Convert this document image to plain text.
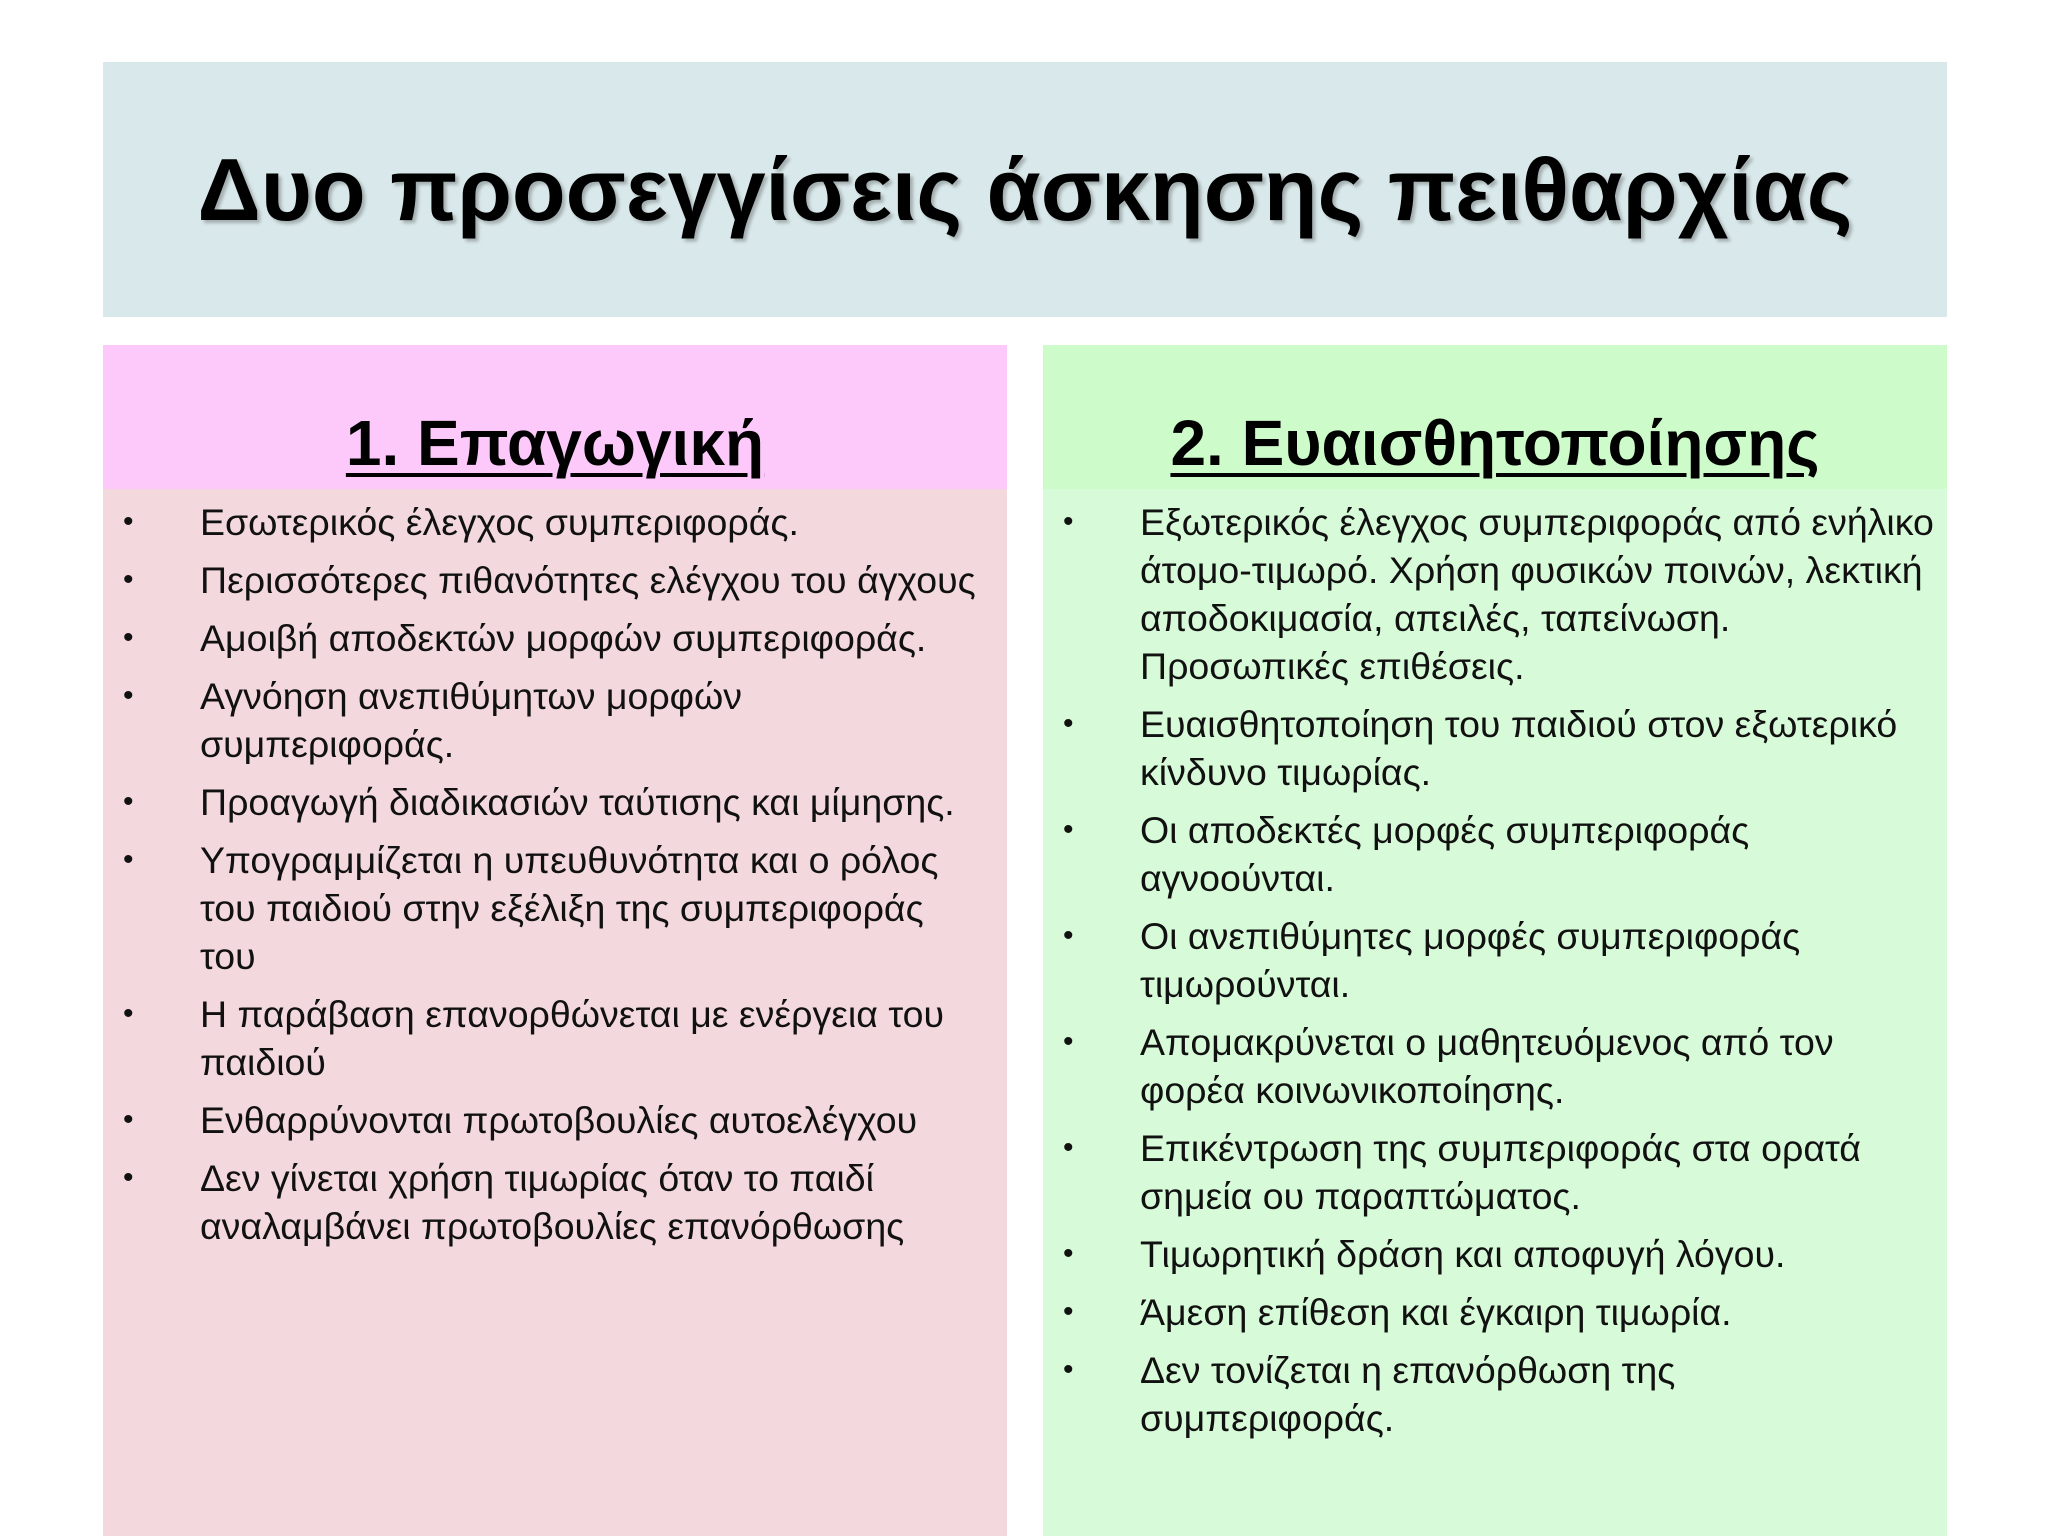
Δυο προσεγγίσεις άσκησης πειθαρχίας
1. Επαγωγική
• Εσωτερικός έλεγχος συμπεριφοράς.
• Περισσότερες πιθανότητες ελέγχου του άγχους
• Αμοιβή αποδεκτών μορφών συμπεριφοράς.
• Αγνόηση ανεπιθύμητων μορφών συμπεριφοράς.
• Προαγωγή διαδικασιών ταύτισης και μίμησης.
• Υπογραμμίζεται η υπευθυνότητα και ο ρόλος του παιδιού στην εξέλιξη της συμπεριφοράς του
• Η παράβαση επανορθώνεται με ενέργεια του παιδιού
• Ενθαρρύνονται πρωτοβουλίες αυτοελέγχου
• Δεν γίνεται χρήση τιμωρίας όταν το παιδί αναλαμβάνει πρωτοβουλίες επανόρθωσης
2. Ευαισθητοποίησης
• Εξωτερικός έλεγχος συμπεριφοράς από ενήλικο άτομο-τιμωρό. Χρήση φυσικών ποινών, λεκτική αποδοκιμασία, απειλές, ταπείνωση. Προσωπικές επιθέσεις.
• Ευαισθητοποίηση του παιδιού στον εξωτερικό κίνδυνο τιμωρίας.
• Οι αποδεκτές μορφές συμπεριφοράς αγνοούνται.
• Οι ανεπιθύμητες μορφές συμπεριφοράς τιμωρούνται.
• Απομακρύνεται ο μαθητευόμενος από τον φορέα κοινωνικοποίησης.
• Επικέντρωση της συμπεριφοράς στα ορατά σημεία ου παραπτώματος.
• Τιμωρητική δράση και αποφυγή λόγου.
• Άμεση επίθεση και έγκαιρη τιμωρία.
• Δεν τονίζεται η επανόρθωση της συμπεριφοράς.
